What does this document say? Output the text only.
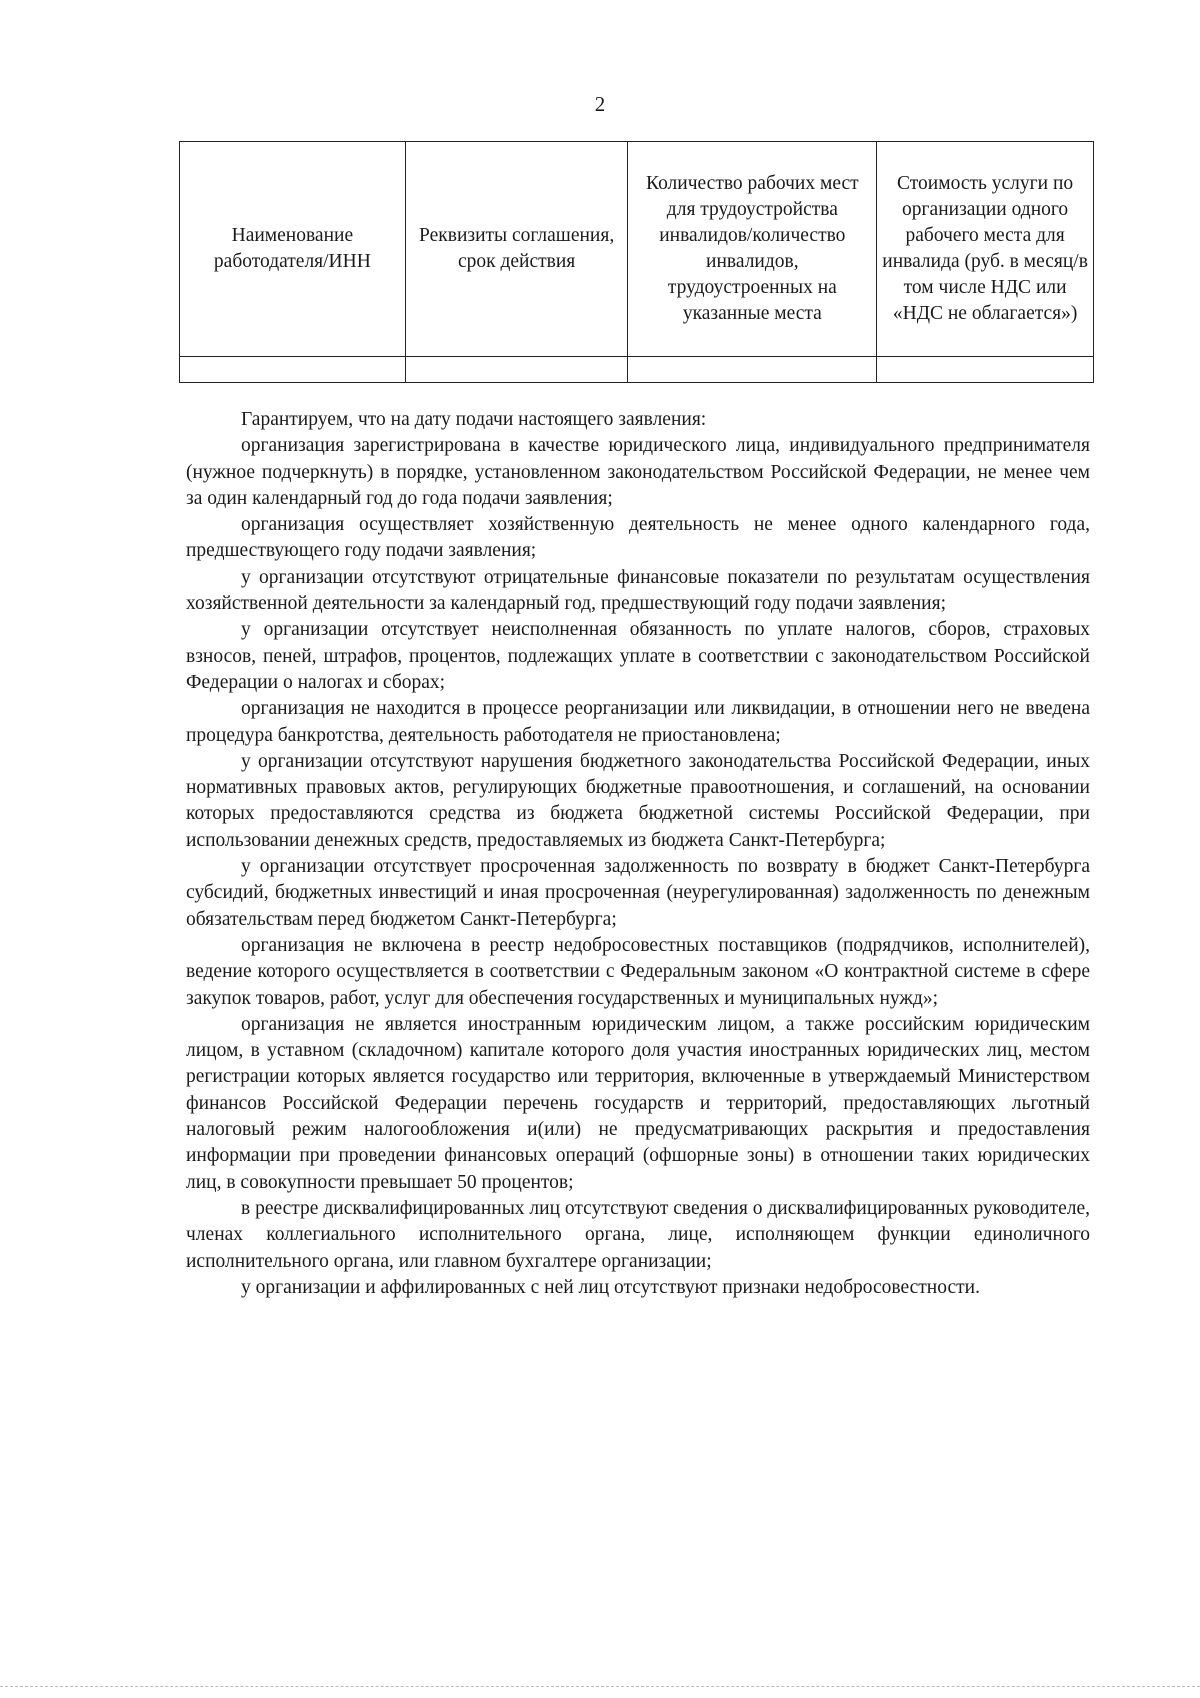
2
Наименование работодателя/ИНН	Реквизиты соглашения, срок действия	Количество рабочих мест для трудоустройства инвалидов/количество инвалидов, трудоустроенных на указанные места	Стоимость услуги по организации одного рабочего места для инвалида (руб. в месяц/в том числе НДС или «НДС не облагается»)

Гарантируем, что на дату подачи настоящего заявления:

организация зарегистрирована в качестве юридического лица, индивидуального предпринимателя (нужное подчеркнуть) в порядке, установленном законодательством Российской Федерации, не менее чем за один календарный год до года подачи заявления;

организация осуществляет хозяйственную деятельность не менее одного календарного года, предшествующего году подачи заявления;

у организации отсутствуют отрицательные финансовые показатели по результатам осуществления хозяйственной деятельности за календарный год, предшествующий году подачи заявления;

у организации отсутствует неисполненная обязанность по уплате налогов, сборов, страховых взносов, пеней, штрафов, процентов, подлежащих уплате в соответствии с законодательством Российской Федерации о налогах и сборах;

организация не находится в процессе реорганизации или ликвидации, в отношении него не введена процедура банкротства, деятельность работодателя не приостановлена;

у организации отсутствуют нарушения бюджетного законодательства Российской Федерации, иных нормативных правовых актов, регулирующих бюджетные правоотношения, и соглашений, на основании которых предоставляются средства из бюджета бюджетной системы Российской Федерации, при использовании денежных средств, предоставляемых из бюджета Санкт-Петербурга;

у организации отсутствует просроченная задолженность по возврату в бюджет Санкт-Петербурга субсидий, бюджетных инвестиций и иная просроченная (неурегулированная) задолженность по денежным обязательствам перед бюджетом Санкт-Петербурга;

организация не включена в реестр недобросовестных поставщиков (подрядчиков, исполнителей), ведение которого осуществляется в соответствии с Федеральным законом «О контрактной системе в сфере закупок товаров, работ, услуг для обеспечения государственных и муниципальных нужд»;

организация не является иностранным юридическим лицом, а также российским юридическим лицом, в уставном (складочном) капитале которого доля участия иностранных юридических лиц, местом регистрации которых является государство или территория, включенные в утверждаемый Министерством финансов Российской Федерации перечень государств и территорий, предоставляющих льготный налоговый режим налогообложения и(или) не предусматривающих раскрытия и предоставления информации при проведении финансовых операций (офшорные зоны) в отношении таких юридических лиц, в совокупности превышает 50 процентов;

в реестре дисквалифицированных лиц отсутствуют сведения о дисквалифицированных руководителе, членах коллегиального исполнительного органа, лице, исполняющем функции единоличного исполнительного органа, или главном бухгалтере организации;

у организации и аффилированных с ней лиц отсутствуют признаки недобросовестности.
